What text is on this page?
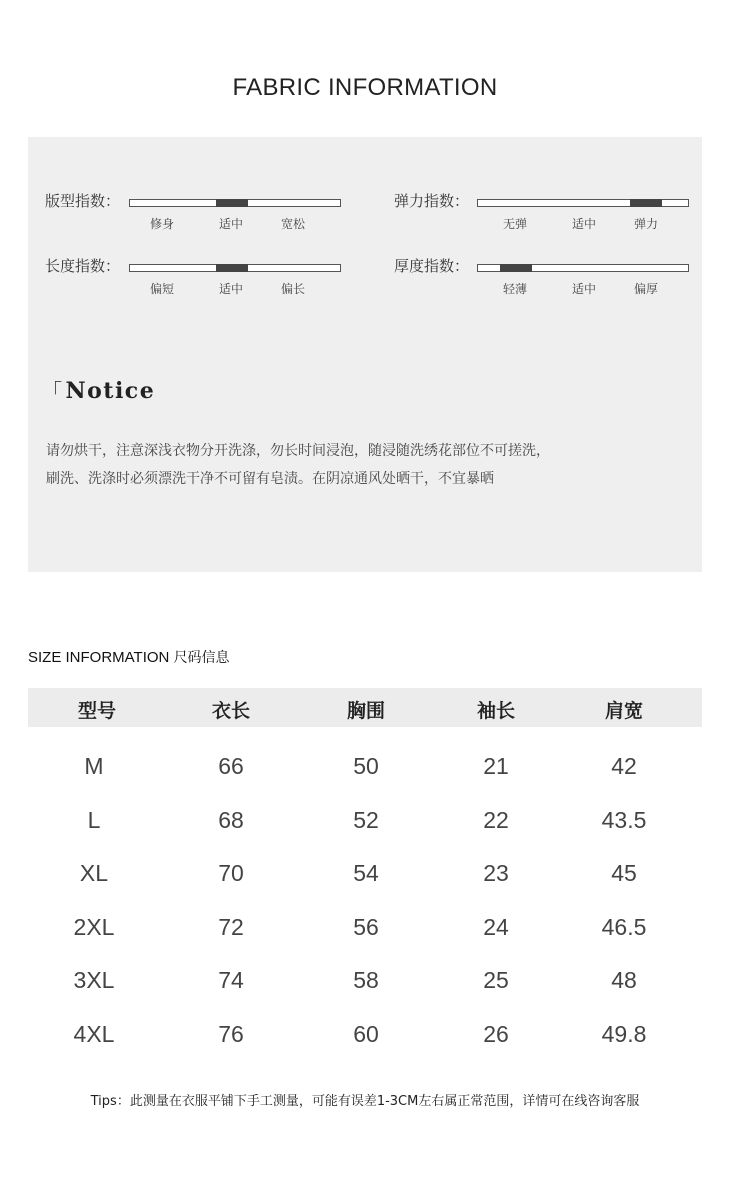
FABRIC INFORMATION
版型指数：
修身	适中	宽松
弹力指数：
无弹	适中	弹力
长度指数：
偏短	适中	偏长
厚度指数：
轻薄	适中	偏厚
「Notice
请勿烘干，注意深浅衣物分开洗涤，勿长时间浸泡，随浸随洗绣花部位不可搓洗，
刷洗、洗涤时必须漂洗干净不可留有皂渍。在阴凉通风处晒干，不宜暴晒
SIZE INFORMATION 尺码信息
型号	衣长	胸围	袖长	肩宽
M	66	50	21	42
L	68	52	22	43.5
XL	70	54	23	45
2XL	72	56	24	46.5
3XL	74	58	25	48
4XL	76	60	26	49.8
Tips：此测量在衣服平铺下手工测量，可能有误差1-3CM左右属正常范围，详情可在线咨询客服
